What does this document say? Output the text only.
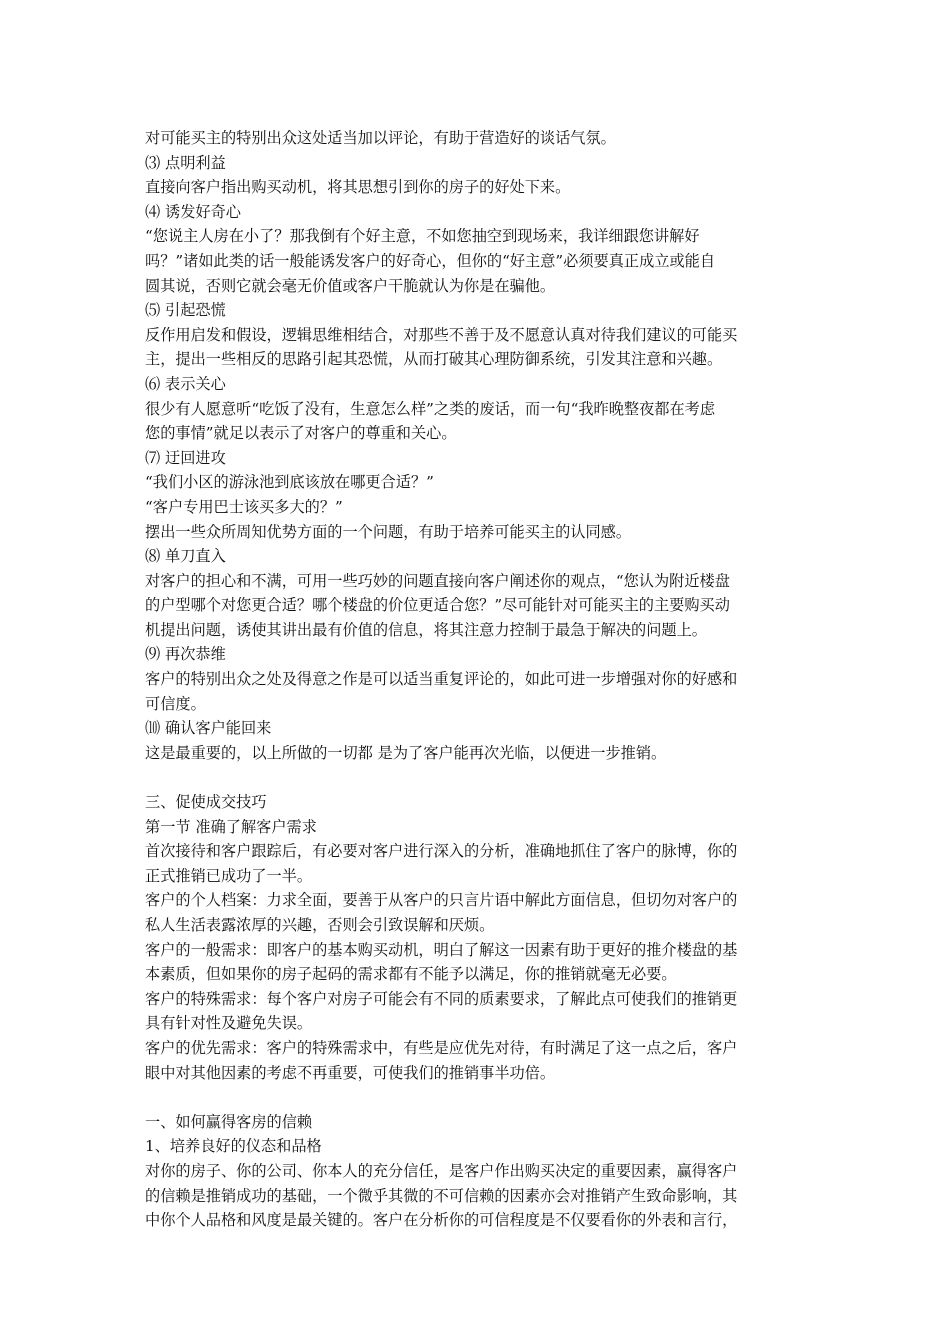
对可能买主的特别出众这处适当加以评论，有助于营造好的谈话气氛。
⑶ 点明利益
直接向客户指出购买动机，将其思想引到你的房子的好处下来。
⑷ 诱发好奇心
“您说主人房在小了？那我倒有个好主意，不如您抽空到现场来，我详细跟您讲解好
吗？”诸如此类的话一般能诱发客户的好奇心，但你的“好主意”必须要真正成立或能自
圆其说，否则它就会毫无价值或客户干脆就认为你是在骗他。
⑸ 引起恐慌
反作用启发和假设，逻辑思维相结合，对那些不善于及不愿意认真对待我们建议的可能买
主，提出一些相反的思路引起其恐慌，从而打破其心理防御系统，引发其注意和兴趣。
⑹ 表示关心
很少有人愿意听“吃饭了没有，生意怎么样”之类的废话，而一句“我昨晚整夜都在考虑
您的事情”就足以表示了对客户的尊重和关心。
⑺ 迂回进攻
“我们小区的游泳池到底该放在哪更合适？”
“客户专用巴士该买多大的？”
摆出一些众所周知优势方面的一个问题，有助于培养可能买主的认同感。
⑻ 单刀直入
对客户的担心和不满，可用一些巧妙的问题直接向客户阐述你的观点，“您认为附近楼盘
的户型哪个对您更合适？哪个楼盘的价位更适合您？”尽可能针对可能买主的主要购买动
机提出问题，诱使其讲出最有价值的信息，将其注意力控制于最急于解决的问题上。
⑼ 再次恭维
客户的特别出众之处及得意之作是可以适当重复评论的，如此可进一步增强对你的好感和
可信度。
⑽ 确认客户能回来
这是最重要的，以上所做的一切都 是为了客户能再次光临，以便进一步推销。
三、促使成交技巧
第一节 准确了解客户需求
首次接待和客户跟踪后，有必要对客户进行深入的分析，准确地抓住了客户的脉博，你的
正式推销已成功了一半。
客户的个人档案：力求全面，要善于从客户的只言片语中解此方面信息，但切勿对客户的
私人生活表露浓厚的兴趣，否则会引致误解和厌烦。
客户的一般需求：即客户的基本购买动机，明白了解这一因素有助于更好的推介楼盘的基
本素质，但如果你的房子起码的需求都有不能予以满足，你的推销就毫无必要。
客户的特殊需求：每个客户对房子可能会有不同的质素要求，了解此点可使我们的推销更
具有针对性及避免失误。
客户的优先需求：客户的特殊需求中，有些是应优先对待，有时满足了这一点之后，客户
眼中对其他因素的考虑不再重要，可使我们的推销事半功倍。
一、如何赢得客房的信赖
1、培养良好的仪态和品格
对你的房子、你的公司、你本人的充分信任，是客户作出购买决定的重要因素，赢得客户
的信赖是推销成功的基础，一个微乎其微的不可信赖的因素亦会对推销产生致命影响，其
中你个人品格和风度是最关键的。客户在分析你的可信程度是不仅要看你的外表和言行，
